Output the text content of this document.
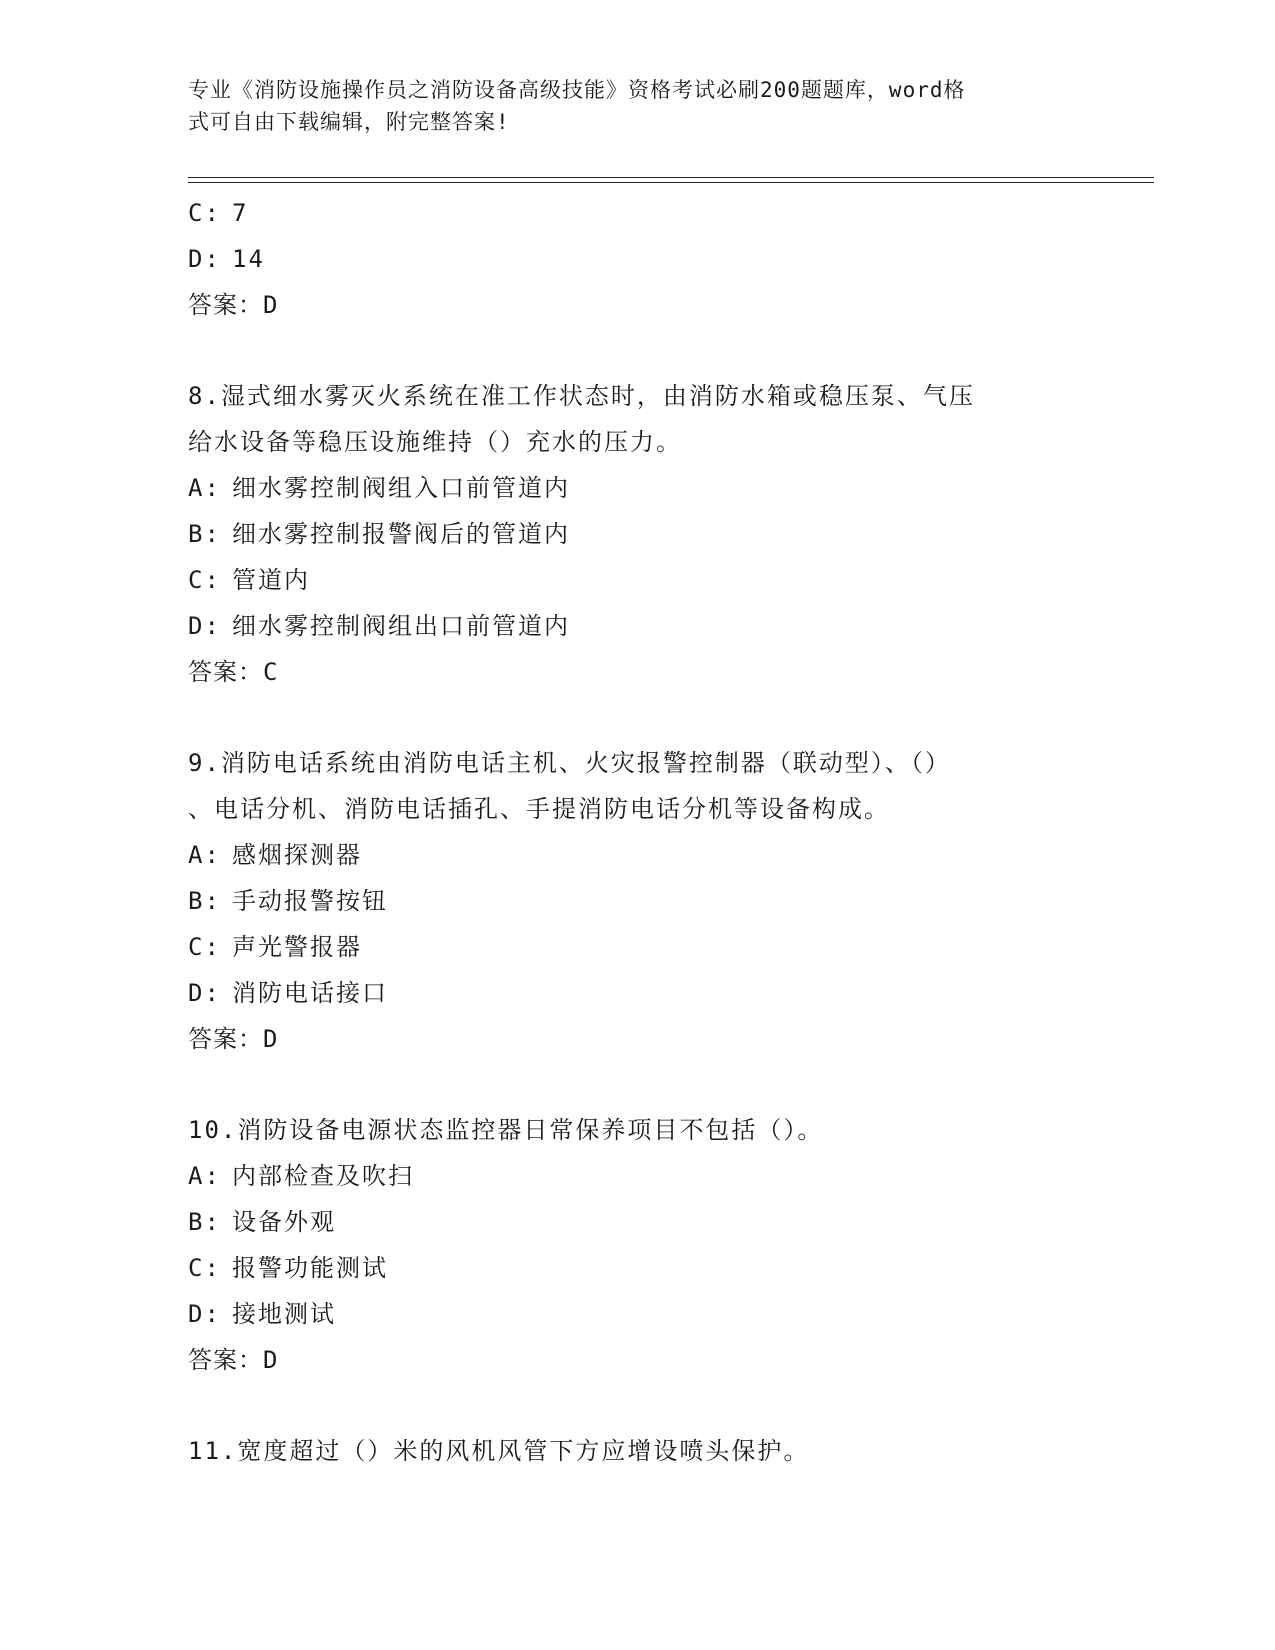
专业《消防设施操作员之消防设备高级技能》资格考试必刷200题题库，word格
式可自由下载编辑，附完整答案!
C: 7
D: 14
答案：D
8.湿式细水雾灭火系统在准工作状态时，由消防水箱或稳压泵、气压
给水设备等稳压设施维持（）充水的压力。
A: 细水雾控制阀组入口前管道内
B: 细水雾控制报警阀后的管道内
C: 管道内
D: 细水雾控制阀组出口前管道内
答案：C
9.消防电话系统由消防电话主机、火灾报警控制器（联动型）、（）
、电话分机、消防电话插孔、手提消防电话分机等设备构成。
A: 感烟探测器
B: 手动报警按钮
C: 声光警报器
D: 消防电话接口
答案：D
10.消防设备电源状态监控器日常保养项目不包括（）。
A: 内部检查及吹扫
B: 设备外观
C: 报警功能测试
D: 接地测试
答案：D
11.宽度超过（）米的风机风管下方应增设喷头保护。
